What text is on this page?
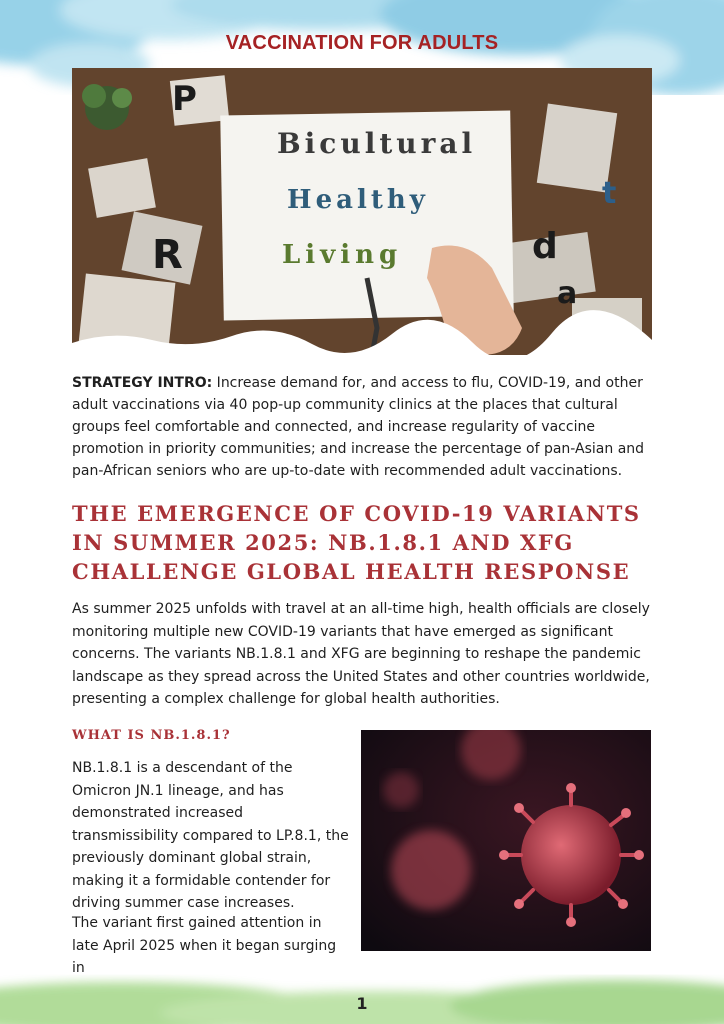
VACCINATION FOR ADULTS
Bicultural
Healthy
Living
P
R	d
a
t
STRATEGY INTRO: Increase demand for, and access to flu, COVID-19, and other adult vaccinations via 40 pop-up community clinics at the places that cultural groups feel comfortable and connected, and increase regularity of vaccine promotion in priority communities; and increase the percentage of pan-Asian and pan-African seniors who are up-to-date with recommended adult vaccinations.
THE EMERGENCE OF COVID-19 VARIANTS IN SUMMER 2025: NB.1.8.1 AND XFG CHALLENGE GLOBAL HEALTH RESPONSE
As summer 2025 unfolds with travel at an all-time high, health officials are closely monitoring multiple new COVID-19 variants that have emerged as significant concerns. The variants NB.1.8.1 and XFG are beginning to reshape the pandemic landscape as they spread across the United States and other countries worldwide, presenting a complex challenge for global health authorities.
WHAT IS NB.1.8.1?
NB.1.8.1 is a descendant of the Omicron JN.1 lineage, and has demonstrated increased transmissibility compared to LP.8.1, the previously dominant global strain, making it a formidable contender for driving summer case increases.
The variant first gained attention in late April 2025 when it began surging in
1
